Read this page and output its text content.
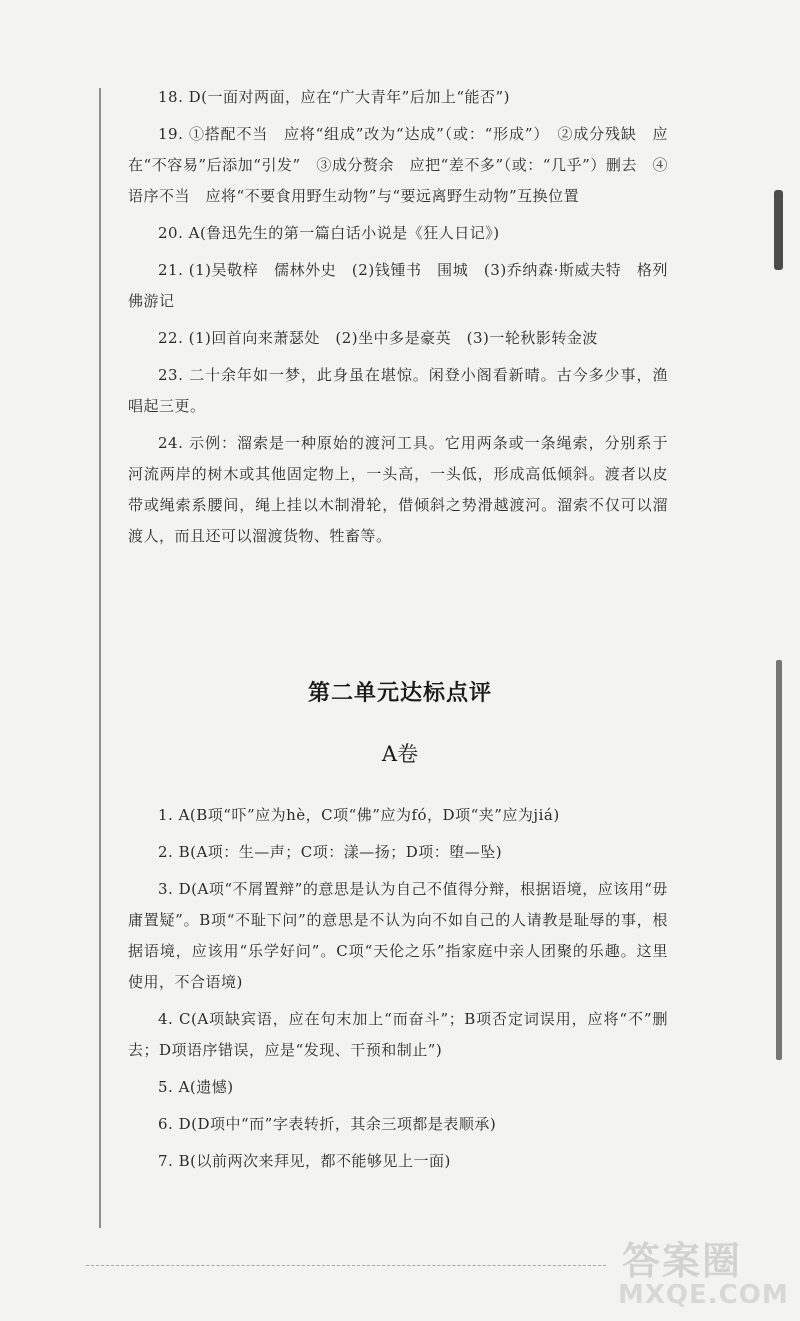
18. D(一面对两面，应在“广大青年”后加上“能否”)

19. ①搭配不当　应将“组成”改为“达成”（或：“形成”）　②成分残缺　应在“不容易”后添加“引发”　③成分赘余　应把“差不多”（或：“几乎”）删去　④语序不当　应将“不要食用野生动物”与“要远离野生动物”互换位置

20. A(鲁迅先生的第一篇白话小说是《狂人日记》)

21. (1)吴敬梓　儒林外史　(2)钱锺书　围城　(3)乔纳森·斯威夫特　格列佛游记

22. (1)回首向来萧瑟处　(2)坐中多是豪英　(3)一轮秋影转金波

23. 二十余年如一梦，此身虽在堪惊。闲登小阁看新晴。古今多少事，渔唱起三更。

24. 示例：溜索是一种原始的渡河工具。它用两条或一条绳索，分别系于河流两岸的树木或其他固定物上，一头高，一头低，形成高低倾斜。渡者以皮带或绳索系腰间，绳上挂以木制滑轮，借倾斜之势滑越渡河。溜索不仅可以溜渡人，而且还可以溜渡货物、牲畜等。

第二单元达标点评
A卷

1. A(B项“吓”应为hè，C项“佛”应为fó，D项“夹”应为jiá)

2. B(A项：生—声；C项：漾—扬；D项：堕—坠)

3. D(A项“不屑置辩”的意思是认为自己不值得分辩，根据语境，应该用“毋庸置疑”。B项“不耻下问”的意思是不认为向不如自己的人请教是耻辱的事，根据语境，应该用“乐学好问”。C项“天伦之乐”指家庭中亲人团聚的乐趣。这里使用，不合语境)

4. C(A项缺宾语，应在句末加上“而奋斗”；B项否定词误用，应将“不”删去；D项语序错误，应是“发现、干预和制止”)

5. A(遗憾)

6. D(D项中“而”字表转折，其余三项都是表顺承)

7. B(以前两次来拜见，都不能够见上一面)

答案圈
MXQE.COM
